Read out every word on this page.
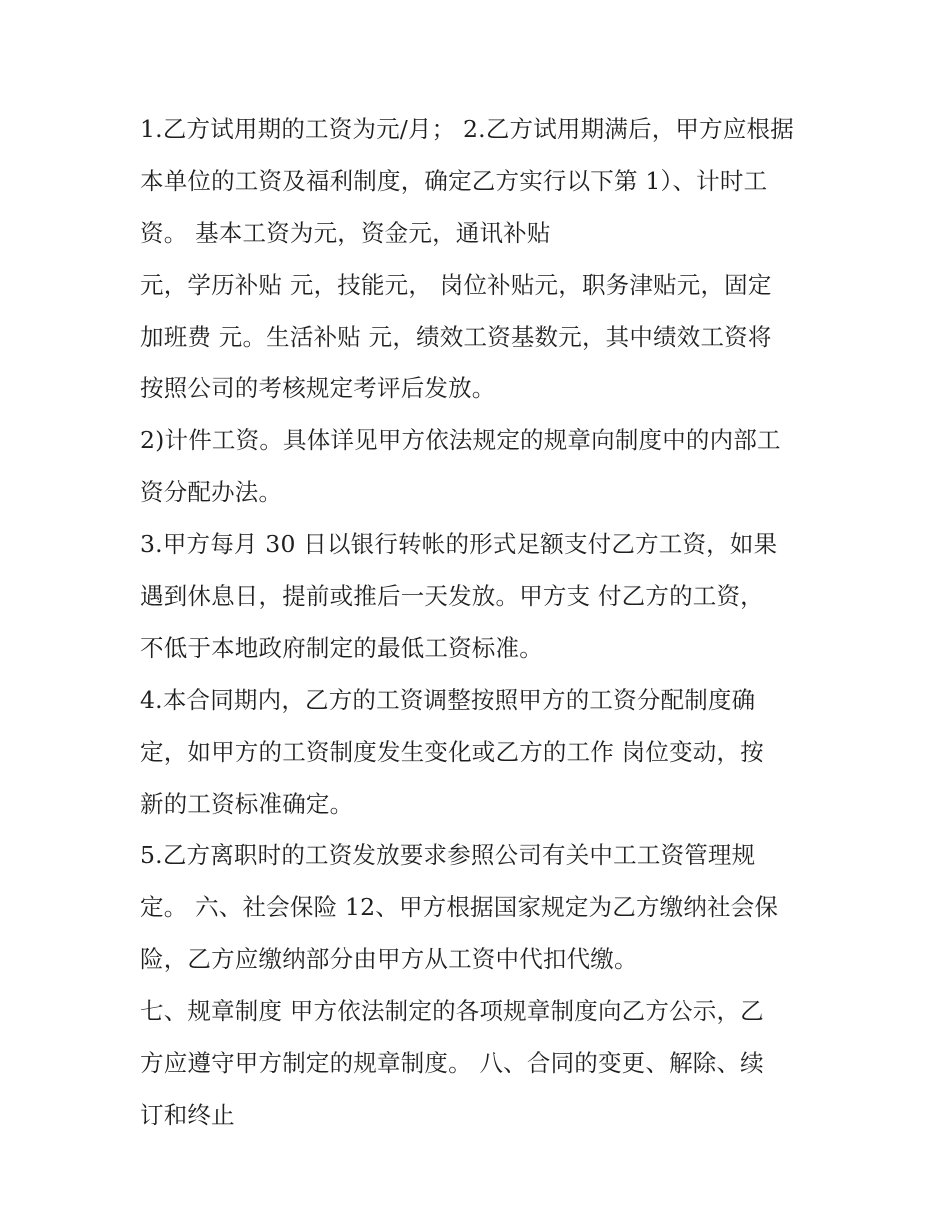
1.乙方试用期的工资为元/月； 2.乙方试用期满后，甲方应根据
本单位的工资及福利制度，确定乙方实行以下第 1）、计时工
资。 基本工资为元，资金元，通讯补贴
元，学历补贴 元，技能元， 岗位补贴元，职务津贴元，固定
加班费 元。生活补贴 元，绩效工资基数元，其中绩效工资将
按照公司的考核规定考评后发放。
2)计件工资。具体详见甲方依法规定的规章向制度中的内部工
资分配办法。
3.甲方每月 30 日以银行转帐的形式足额支付乙方工资，如果
遇到休息日，提前或推后一天发放。甲方支 付乙方的工资，
不低于本地政府制定的最低工资标准。
4.本合同期内，乙方的工资调整按照甲方的工资分配制度确
定，如甲方的工资制度发生变化或乙方的工作 岗位变动，按
新的工资标准确定。
5.乙方离职时的工资发放要求参照公司有关中工工资管理规
定。 六、社会保险 12、甲方根据国家规定为乙方缴纳社会保
险，乙方应缴纳部分由甲方从工资中代扣代缴。
七、规章制度 甲方依法制定的各项规章制度向乙方公示，乙
方应遵守甲方制定的规章制度。 八、合同的变更、解除、续
订和终止
